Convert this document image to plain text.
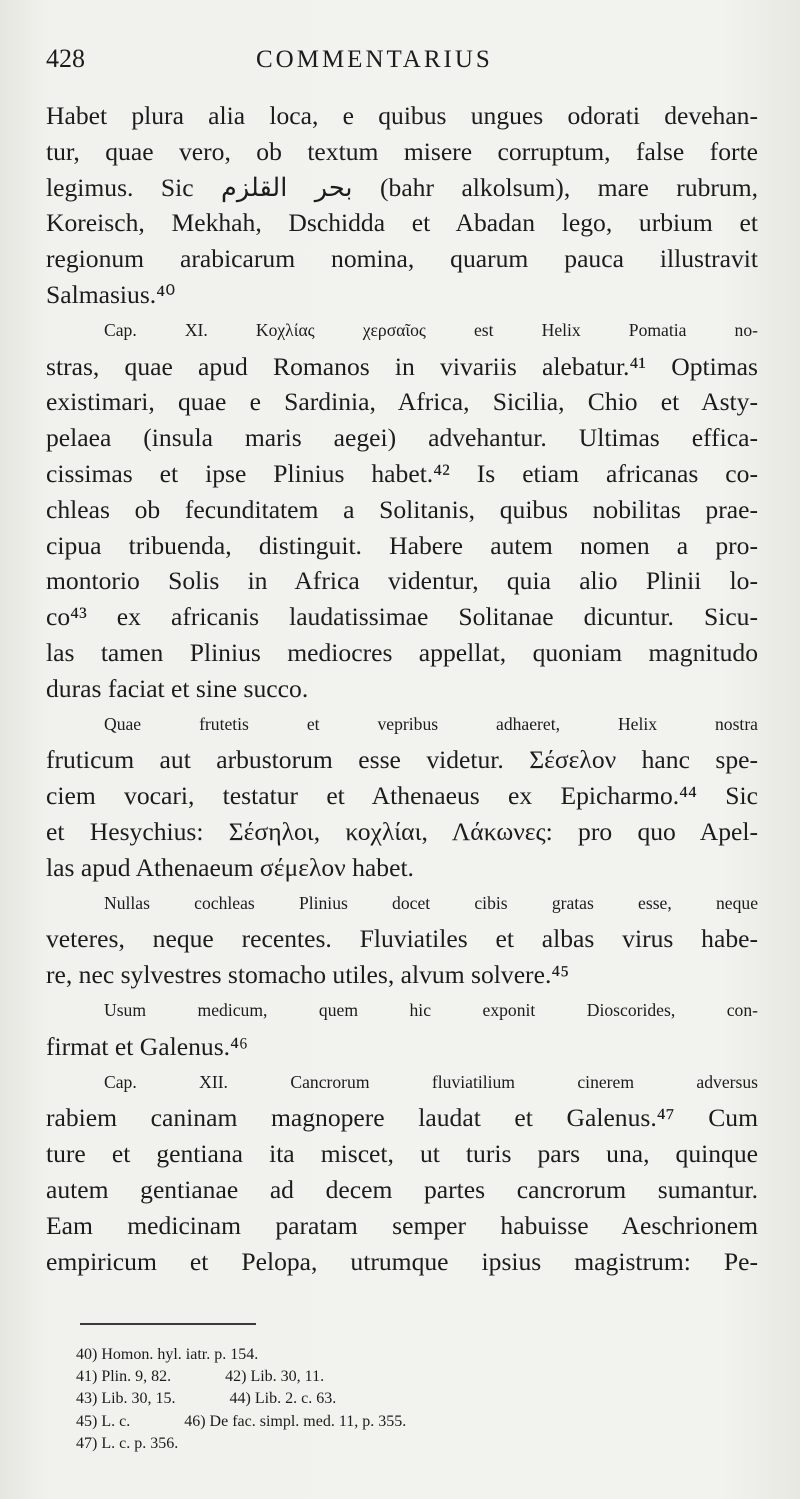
428	COMMENTARIUS
Habet plura alia loca, e quibus ungues odorati devehan-
tur, quae vero, ob textum misere corruptum, false forte
legimus. Sic بحر القلزم (bahr alkolsum), mare rubrum,
Koreisch, Mekhah, Dschidda et Abadan lego, urbium et
regionum arabicarum nomina, quarum pauca illustravit
Salmasius.⁴⁰
Cap. XI. Κοχλίας χερσαῖος est Helix Pomatia no-
stras, quae apud Romanos in vivariis alebatur.⁴¹ Optimas
existimari, quae e Sardinia, Africa, Sicilia, Chio et Asty-
pelaea (insula maris aegei) advehantur. Ultimas effica-
cissimas et ipse Plinius habet.⁴² Is etiam africanas co-
chleas ob fecunditatem a Solitanis, quibus nobilitas prae-
cipua tribuenda, distinguit. Habere autem nomen a pro-
montorio Solis in Africa videntur, quia alio Plinii lo-
co⁴³ ex africanis laudatissimae Solitanae dicuntur. Sicu-
las tamen Plinius mediocres appellat, quoniam magnitudo
duras faciat et sine succo.
Quae frutetis et vepribus adhaeret, Helix nostra
fruticum aut arbustorum esse videtur. Σέσελον hanc spe-
ciem vocari, testatur et Athenaeus ex Epicharmo.⁴⁴ Sic
et Hesychius: Σέσηλοι, κοχλίαι, Λάκωνες: pro quo Apel-
las apud Athenaeum σέμελον habet.
Nullas cochleas Plinius docet cibis gratas esse, neque
veteres, neque recentes. Fluviatiles et albas virus habe-
re, nec sylvestres stomacho utiles, alvum solvere.⁴⁵
Usum medicum, quem hic exponit Dioscorides, con-
firmat et Galenus.⁴⁶
Cap. XII. Cancrorum fluviatilium cinerem adversus
rabiem caninam magnopere laudat et Galenus.⁴⁷ Cum
ture et gentiana ita miscet, ut turis pars una, quinque
autem gentianae ad decem partes cancrorum sumantur.
Eam medicinam paratam semper habuisse Aeschrionem
empiricum et Pelopa, utrumque ipsius magistrum: Pe-
40) Homon. hyl. iatr. p. 154.
41) Plin. 9, 82.	42) Lib. 30, 11.
43) Lib. 30, 15.	44) Lib. 2. c. 63.
45) L. c.	46) De fac. simpl. med. 11, p. 355.
47) L. c. p. 356.
